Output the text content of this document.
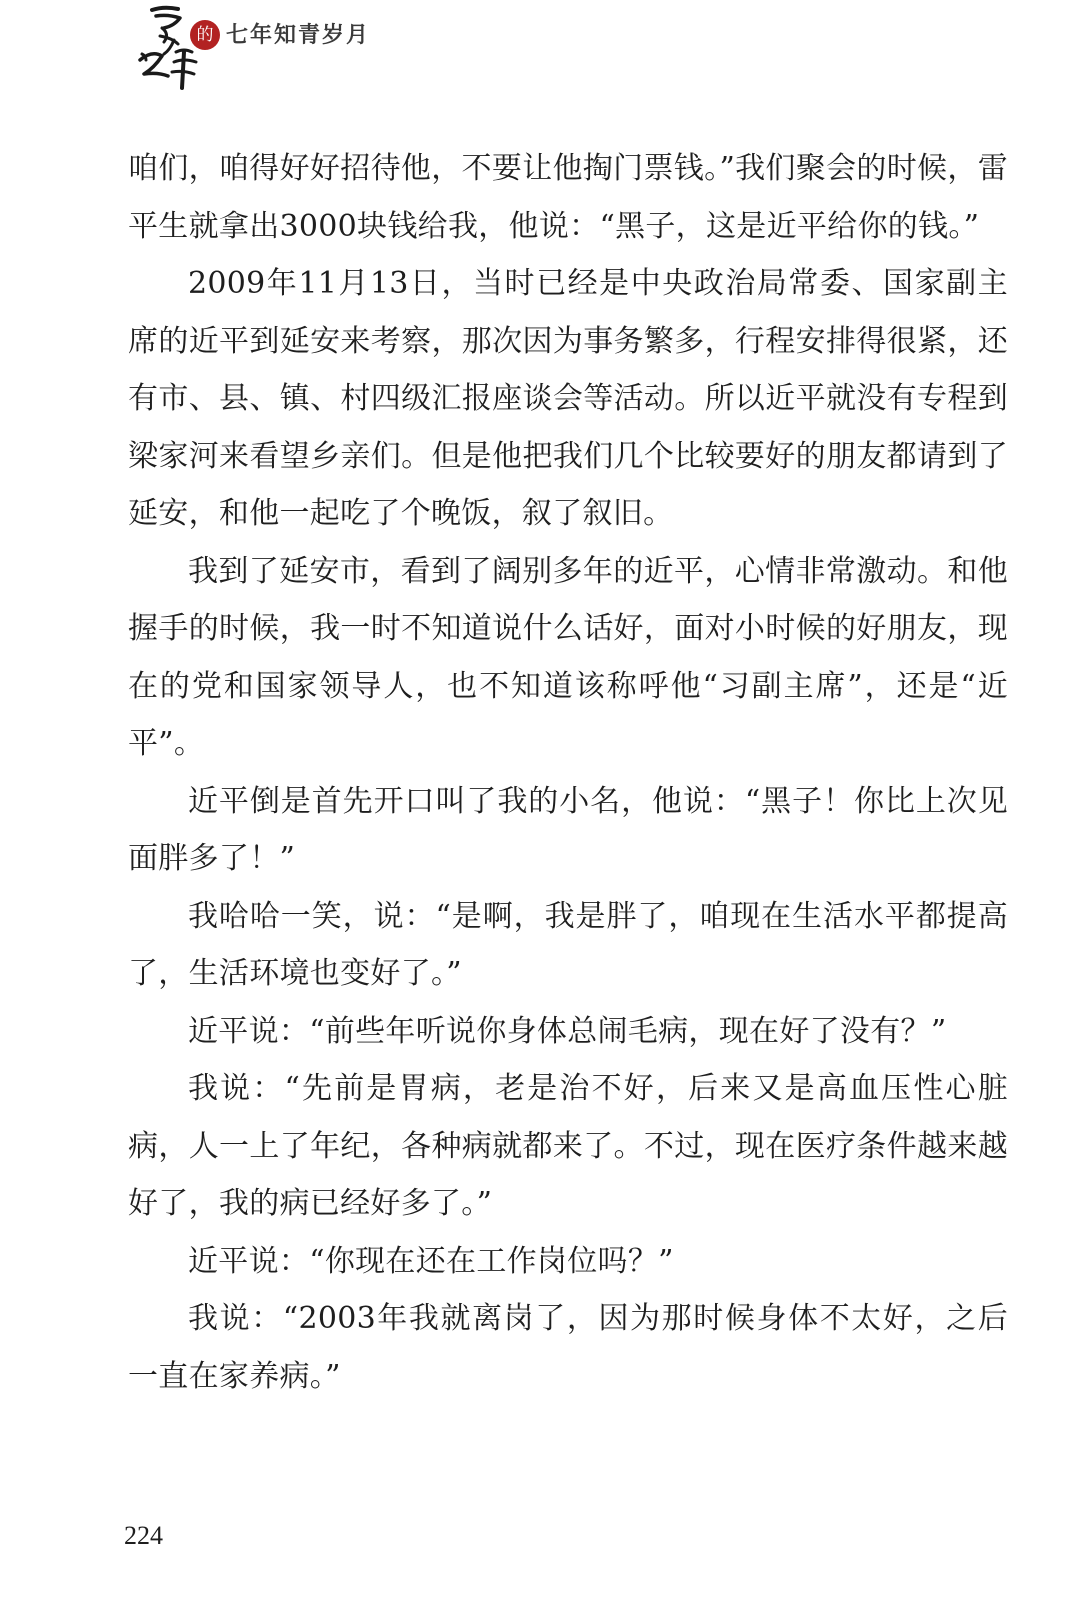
的 七年知青岁月

咱们，咱得好好招待他，不要让他掏门票钱。”我们聚会的时候，雷平生就拿出3000块钱给我，他说：“黑子，这是近平给你的钱。”

2009年11月13日，当时已经是中央政治局常委、国家副主席的近平到延安来考察，那次因为事务繁多，行程安排得很紧，还有市、县、镇、村四级汇报座谈会等活动。所以近平就没有专程到梁家河来看望乡亲们。但是他把我们几个比较要好的朋友都请到了延安，和他一起吃了个晚饭，叙了叙旧。

我到了延安市，看到了阔别多年的近平，心情非常激动。和他握手的时候，我一时不知道说什么话好，面对小时候的好朋友，现在的党和国家领导人，也不知道该称呼他“习副主席”，还是“近平”。

近平倒是首先开口叫了我的小名，他说：“黑子！你比上次见面胖多了！”

我哈哈一笑，说：“是啊，我是胖了，咱现在生活水平都提高了，生活环境也变好了。”

近平说：“前些年听说你身体总闹毛病，现在好了没有？”

我说：“先前是胃病，老是治不好，后来又是高血压性心脏病，人一上了年纪，各种病就都来了。不过，现在医疗条件越来越好了，我的病已经好多了。”

近平说：“你现在还在工作岗位吗？”

我说：“2003年我就离岗了，因为那时候身体不太好，之后一直在家养病。”

224
